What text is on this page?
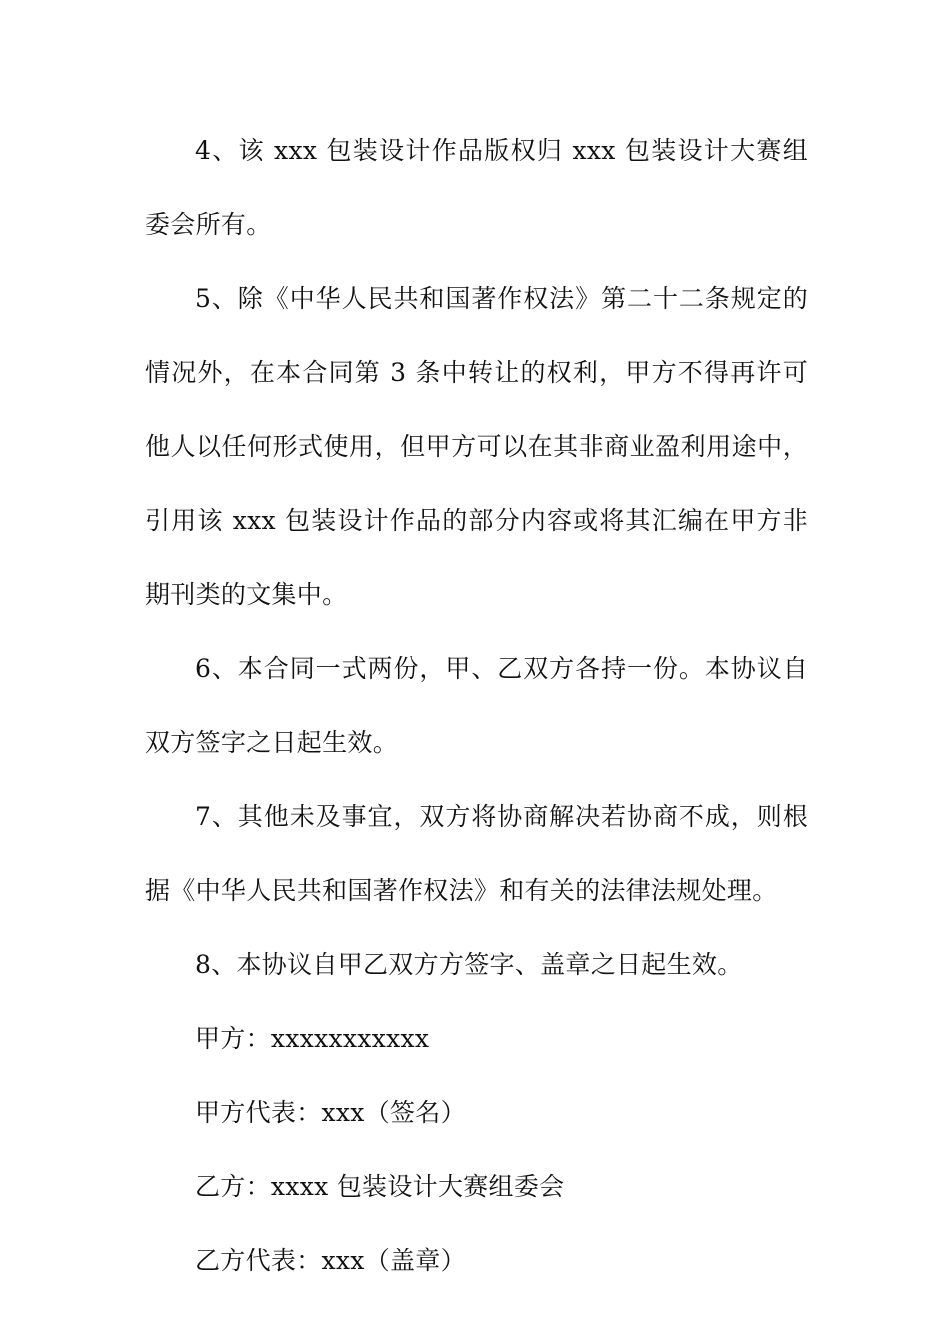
4、该 xxx 包装设计作品版权归 xxx 包装设计大赛组委会所有。

5、除《中华人民共和国著作权法》第二十二条规定的情况外，在本合同第 3 条中转让的权利，甲方不得再许可他人以任何形式使用，但甲方可以在其非商业盈利用途中，引用该 xxx 包装设计作品的部分内容或将其汇编在甲方非期刊类的文集中。

6、本合同一式两份，甲、乙双方各持一份。本协议自双方签字之日起生效。

7、其他未及事宜，双方将协商解决若协商不成，则根据《中华人民共和国著作权法》和有关的法律法规处理。

8、本协议自甲乙双方方签字、盖章之日起生效。

甲方：xxxxxxxxxxx

甲方代表：xxx（签名）

乙方：xxxx 包装设计大赛组委会

乙方代表：xxx（盖章）
